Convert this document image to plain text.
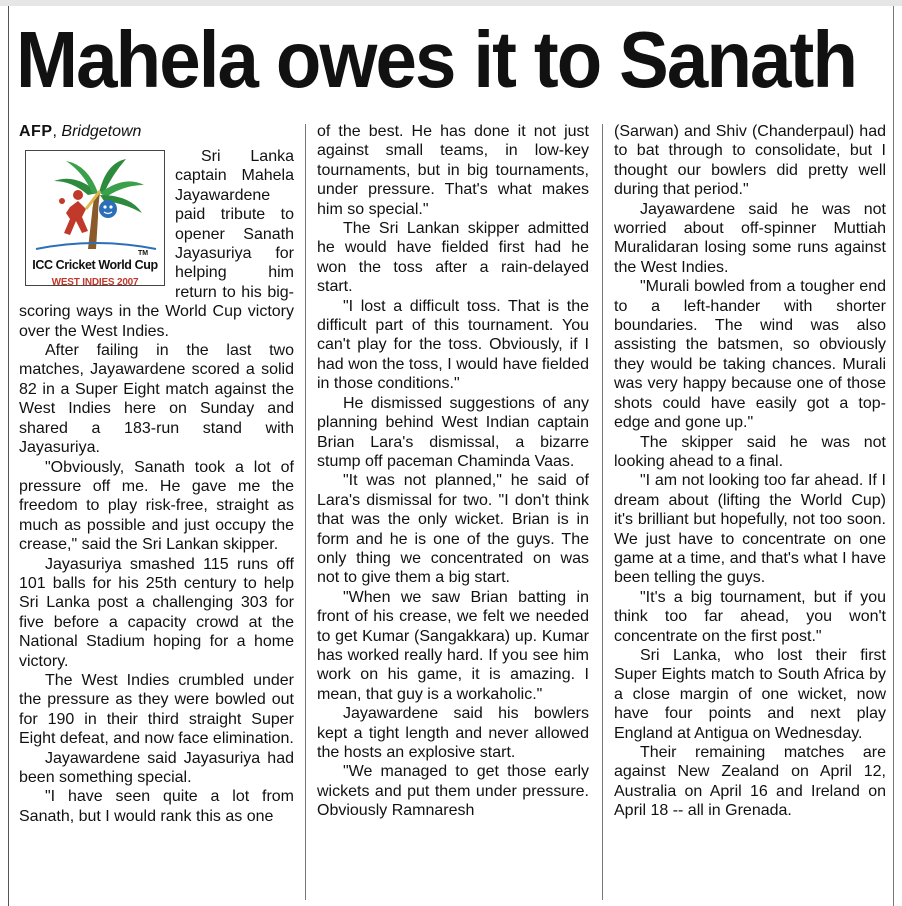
Mahela owes it to Sanath
AFP, Bridgetown
TM
ICC Cricket World Cup
WEST INDIES 2007

Sri Lanka captain Mahela Jayawardene paid tribute to opener Sanath Jayasuriya for helping him return to his big-scoring ways in the World Cup victory over the West Indies.

After failing in the last two matches, Jayawardene scored a solid 82 in a Super Eight match against the West Indies here on Sunday and shared a 183-run stand with Jayasuriya.

"Obviously, Sanath took a lot of pressure off me. He gave me the freedom to play risk-free, straight as much as possible and just occupy the crease," said the Sri Lankan skipper.

Jayasuriya smashed 115 runs off 101 balls for his 25th century to help Sri Lanka post a challenging 303 for five before a capacity crowd at the National Stadium hoping for a home victory.

The West Indies crumbled under the pressure as they were bowled out for 190 in their third straight Super Eight defeat, and now face elimination.

Jayawardene said Jayasuriya had been something special.

"I have seen quite a lot from Sanath, but I would rank this as one

of the best. He has done it not just against small teams, in low-key tournaments, but in big tournaments, under pressure. That's what makes him so special."

The Sri Lankan skipper admitted he would have fielded first had he won the toss after a rain-delayed start.

"I lost a difficult toss. That is the difficult part of this tournament. You can't play for the toss. Obviously, if I had won the toss, I would have fielded in those conditions."

He dismissed suggestions of any planning behind West Indian captain Brian Lara's dismissal, a bizarre stump off paceman Chaminda Vaas.

"It was not planned," he said of Lara's dismissal for two. "I don't think that was the only wicket. Brian is in form and he is one of the guys. The only thing we concentrated on was not to give them a big start.

"When we saw Brian batting in front of his crease, we felt we needed to get Kumar (Sangakkara) up. Kumar has worked really hard. If you see him work on his game, it is amazing. I mean, that guy is a workaholic."

Jayawardene said his bowlers kept a tight length and never allowed the hosts an explosive start.

"We managed to get those early wickets and put them under pressure. Obviously Ramnaresh

(Sarwan) and Shiv (Chanderpaul) had to bat through to consolidate, but I thought our bowlers did pretty well during that period."

Jayawardene said he was not worried about off-spinner Muttiah Muralidaran losing some runs against the West Indies.

"Murali bowled from a tougher end to a left-hander with shorter boundaries. The wind was also assisting the batsmen, so obviously they would be taking chances. Murali was very happy because one of those shots could have easily got a top-edge and gone up."

The skipper said he was not looking ahead to a final.

"I am not looking too far ahead. If I dream about (lifting the World Cup) it's brilliant but hopefully, not too soon. We just have to concentrate on one game at a time, and that's what I have been telling the guys.

"It's a big tournament, but if you think too far ahead, you won't concentrate on the first post."

Sri Lanka, who lost their first Super Eights match to South Africa by a close margin of one wicket, now have four points and next play England at Antigua on Wednesday.

Their remaining matches are against New Zealand on April 12, Australia on April 16 and Ireland on April 18 -- all in Grenada.
